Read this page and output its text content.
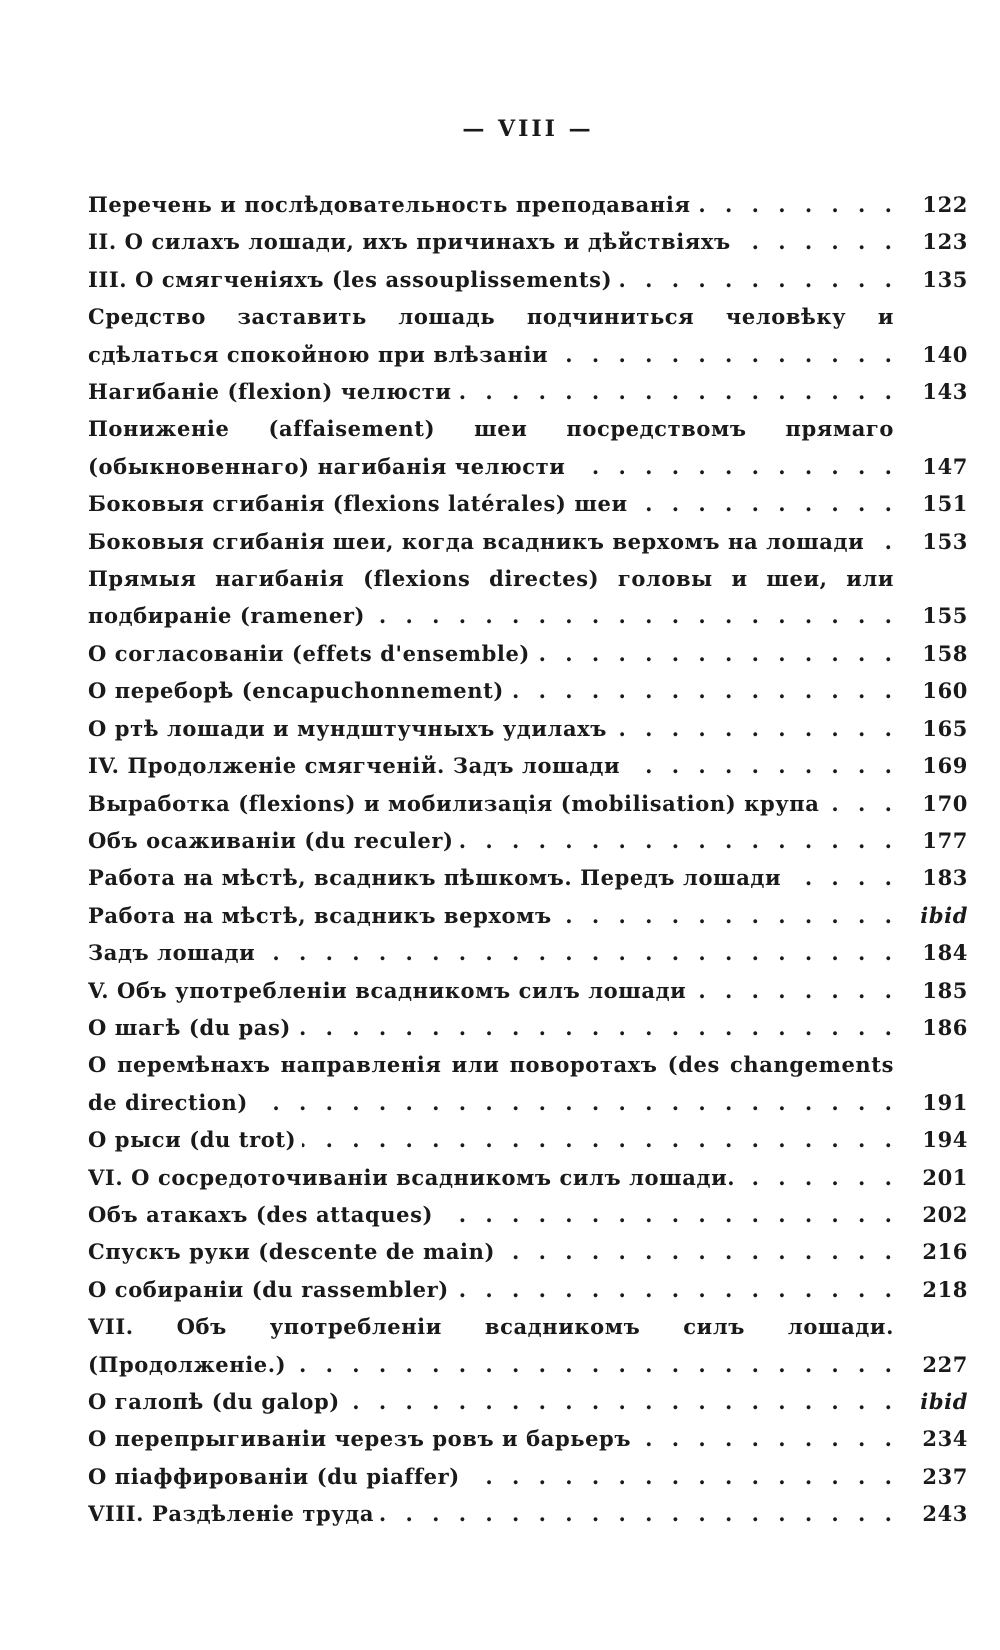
— VIII —
Перечень и послѣдовательность преподаванія . . .	122
II. О силахъ лошади, ихъ причинахъ и дѣйствіяхъ . . .	123
III. О смягченіяхъ (les assouplissements) . . .	135
Средство заставить лошадь подчиниться человѣку и сдѣлаться спокойною при влѣзаніи . . .	140
Нагибаніе (flexion) челюсти . . .	143
Пониженіе (affaisement) шеи посредствомъ прямаго (обыкновеннаго) нагибанія челюсти . . .	147
Боковыя сгибанія (flexions latérales) шеи . . .	151
Боковыя сгибанія шеи, когда всадникъ верхомъ на лошади . . .	153
Прямыя нагибанія (flexions directes) головы и шеи, или подбираніе (ramener) . . .	155
О согласованіи (effets d'ensemble) . . .	158
О переборѣ (encapuchonnement) . . .	160
О ртѣ лошади и мундштучныхъ удилахъ . . .	165
IV. Продолженіе смягченій. Задъ лошади . . .	169
Выработка (flexions) и мобилизація (mobilisation) крупа . . .	170
Объ осаживаніи (du reculer) . . .	177
Работа на мѣстѣ, всадникъ пѣшкомъ. Передъ лошади . . .	183
Работа на мѣстѣ, всадникъ верхомъ . . .	ibid
Задъ лошади . . .	184
V. Объ употребленіи всадникомъ силъ лошади . . .	185
О шагѣ (du pas) . . .	186
О перемѣнахъ направленія или поворотахъ (des changements de direction) . . .	191
О рыси (du trot) . . .	194
VI. О сосредоточиваніи всадникомъ силъ лошади. . . .	201
Объ атакахъ (des attaques) . . .	202
Спускъ руки (descente de main) . . .	216
О собираніи (du rassembler) . . .	218
VII. Объ употребленіи всадникомъ силъ лошади. (Продолженіе.) . . .	227
О галопѣ (du galop) . . .	ibid
О перепрыгиваніи черезъ ровъ и барьеръ . . .	234
О піаффированіи (du piaffer) . . .	237
VIII. Раздѣленіе труда . . .	243
